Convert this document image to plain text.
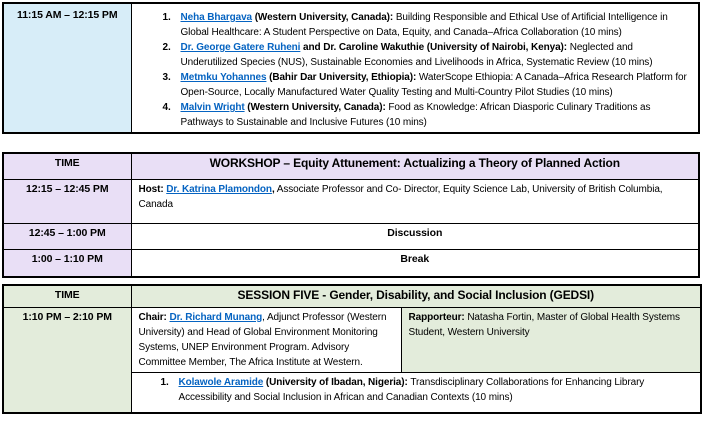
11:15 AM – 12:15 PM	1. Neha Bhargava (Western University, Canada): Building Responsible and Ethical Use of Artificial Intelligence in Global Healthcare: A Student Perspective on Data, Equity, and Canada–Africa Collaboration (10 mins)
2. Dr. George Gatere Ruheni and Dr. Caroline Wakuthie (University of Nairobi, Kenya): Neglected and Underutilized Species (NUS), Sustainable Economies and Livelihoods in Africa, Systematic Review (10 mins)
3. Metmku Yohannes (Bahir Dar University, Ethiopia): WaterScope Ethiopia: A Canada–Africa Research Platform for Open-Source, Locally Manufactured Water Quality Testing and Multi-Country Pilot Studies (10 mins)
4. Malvin Wright (Western University, Canada): Food as Knowledge: African Diasporic Culinary Traditions as Pathways to Sustainable and Inclusive Futures (10 mins)
TIME	WORKSHOP – Equity Attunement: Actualizing a Theory of Planned Action
12:15 – 12:45 PM	Host: Dr. Katrina Plamondon, Associate Professor and Co- Director, Equity Science Lab, University of British Columbia, Canada
12:45 – 1:00 PM	Discussion
1:00 – 1:10 PM	Break
TIME	SESSION FIVE - Gender, Disability, and Social Inclusion (GEDSI)	
1:10 PM – 2:10 PM	Chair: Dr. Richard Munang, Adjunct Professor (Western University) and Head of Global Environment Monitoring Systems, UNEP Environment Program. Advisory Committee Member, The Africa Institute at Western.	Rapporteur: Natasha Fortin, Master of Global Health Systems Student, Western University

	1. Kolawole Aramide (University of Ibadan, Nigeria): Transdisciplinary Collaborations for Enhancing Library Accessibility and Social Inclusion in African and Canadian Contexts (10 mins)	
